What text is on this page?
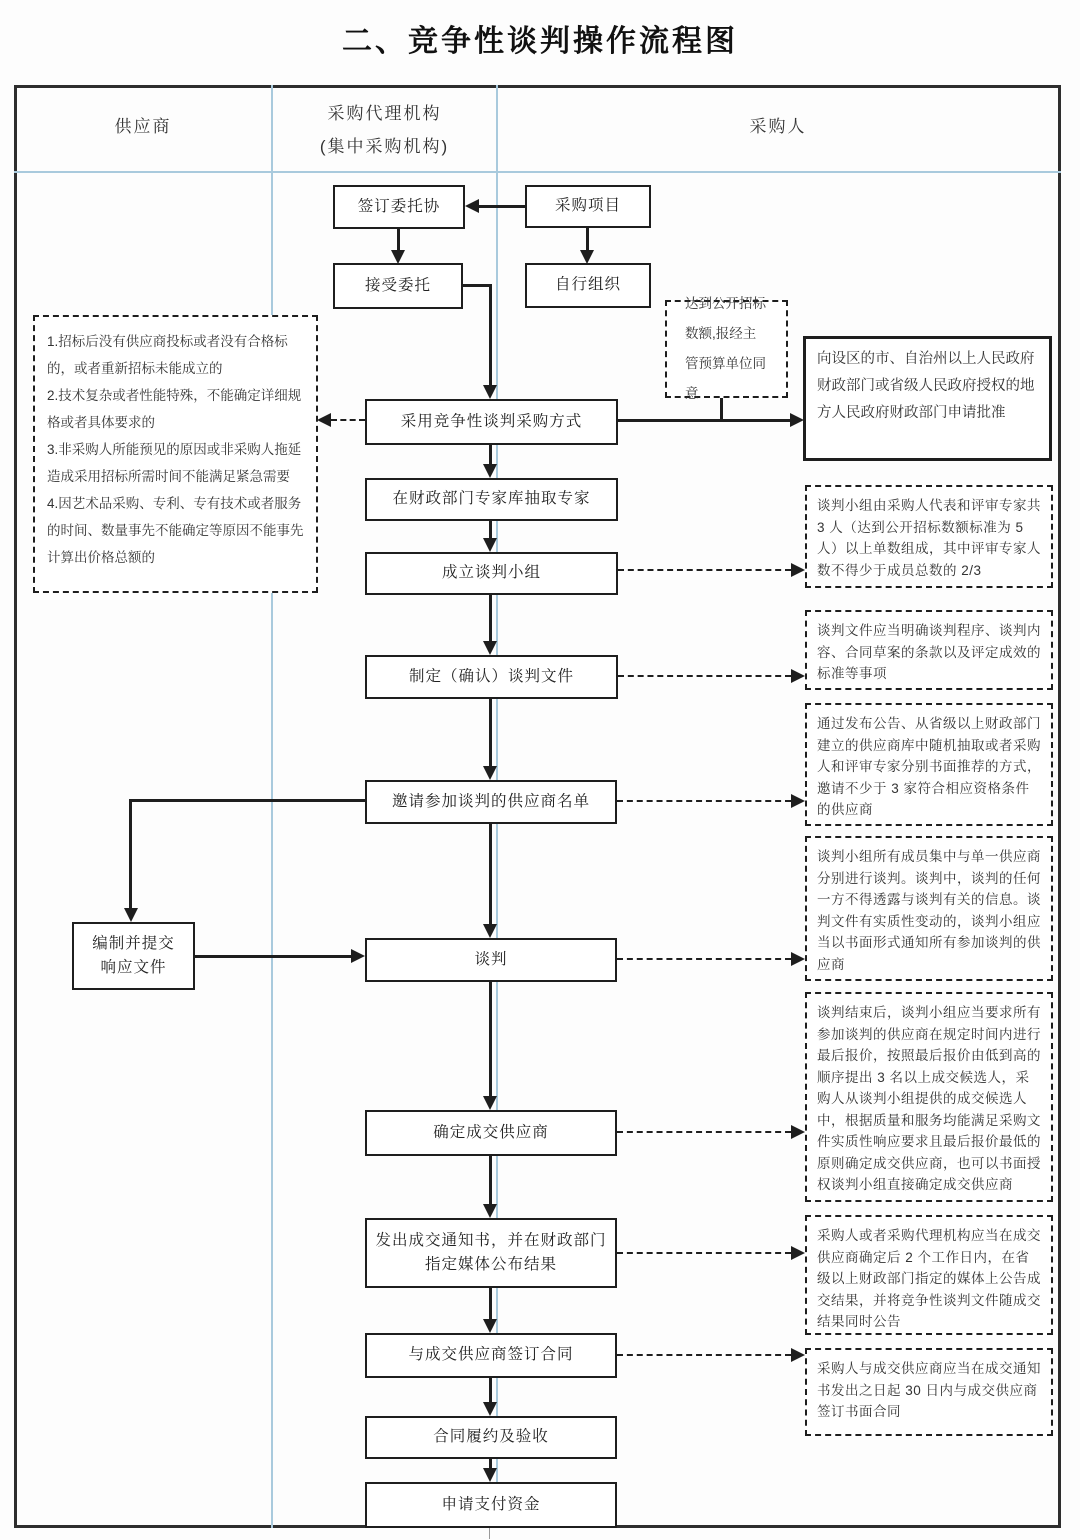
二、竞争性谈判操作流程图
供应商
采购代理机构
(集中采购机构)
采购人
签订委托协	采购项目
接受委托	自行组织
采用竞争性谈判采购方式
在财政部门专家库抽取专家
成立谈判小组
制定（确认）谈判文件
邀请参加谈判的供应商名单
谈判
确定成交供应商
发出成交通知书，并在财政部门指定媒体公布结果
与成交供应商签订合同
合同履约及验收
申请支付资金
编制并提交响应文件
1.招标后没有供应商投标或者没有合格标的，或者重新招标未能成立的
2.技术复杂或者性能特殊，不能确定详细规格或者具体要求的
3.非采购人所能预见的原因或非采购人拖延造成采用招标所需时间不能满足紧急需要
4.因艺术品采购、专利、专有技术或者服务的时间、数量事先不能确定等原因不能事先计算出价格总额的
达到公开招标数额,报经主管预算单位同意
向设区的市、自治州以上人民政府财政部门或省级人民政府授权的地方人民政府财政部门申请批准
谈判小组由采购人代表和评审专家共 3 人（达到公开招标数额标准为 5 人）以上单数组成，其中评审专家人数不得少于成员总数的 2/3
谈判文件应当明确谈判程序、谈判内容、合同草案的条款以及评定成效的标准等事项
通过发布公告、从省级以上财政部门建立的供应商库中随机抽取或者采购人和评审专家分别书面推荐的方式，邀请不少于 3 家符合相应资格条件的供应商
谈判小组所有成员集中与单一供应商分别进行谈判。谈判中，谈判的任何一方不得透露与谈判有关的信息。谈判文件有实质性变动的，谈判小组应当以书面形式通知所有参加谈判的供应商
谈判结束后，谈判小组应当要求所有参加谈判的供应商在规定时间内进行最后报价，按照最后报价由低到高的顺序提出 3 名以上成交候选人，采购人从谈判小组提供的成交候选人中，根据质量和服务均能满足采购文件实质性响应要求且最后报价最低的原则确定成交供应商，也可以书面授权谈判小组直接确定成交供应商
采购人或者采购代理机构应当在成交供应商确定后 2 个工作日内，在省级以上财政部门指定的媒体上公告成交结果，并将竞争性谈判文件随成交结果同时公告
采购人与成交供应商应当在成交通知书发出之日起 30 日内与成交供应商签订书面合同
